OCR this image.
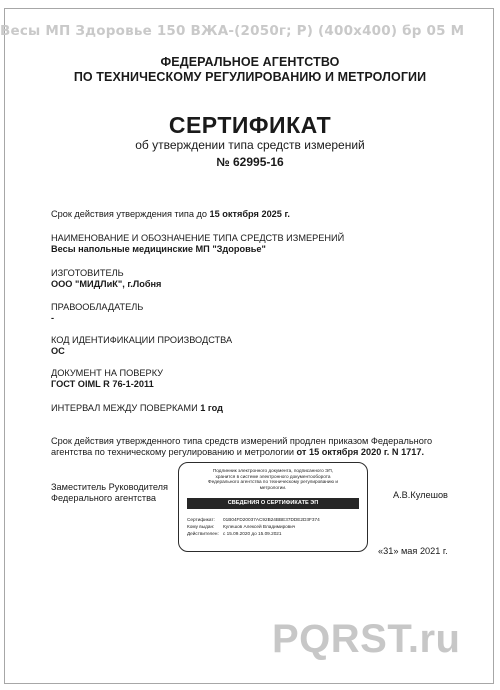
Весы МП Здоровье 150 ВЖА-(2050г; Р) (400х400) бр 05 М
ФЕДЕРАЛЬНОЕ АГЕНТСТВО
ПО ТЕХНИЧЕСКОМУ РЕГУЛИРОВАНИЮ И МЕТРОЛОГИИ
СЕРТИФИКАТ
об утверждении типа средств измерений
№ 62995-16
Срок действия утверждения типа до 15 октября 2025 г.
НАИМЕНОВАНИЕ И ОБОЗНАЧЕНИЕ ТИПА СРЕДСТВ ИЗМЕРЕНИЙ
Весы напольные медицинские МП "Здоровье"
ИЗГОТОВИТЕЛЬ
ООО "МИДЛиК", г.Лобня
ПРАВООБЛАДАТЕЛЬ
-
КОД ИДЕНТИФИКАЦИИ ПРОИЗВОДСТВА
ОС
ДОКУМЕНТ НА ПОВЕРКУ
ГОСТ OIML R 76-1-2011
ИНТЕРВАЛ МЕЖДУ ПОВЕРКАМИ 1 год
Срок действия утвержденного типа средств измерений продлен приказом Федерального агентства по техническому регулированию и метрологии от 15 октября 2020 г. N 1717.
Заместитель Руководителя
Федерального агентства
Подлинник электронного документа, подписанного ЭП,
хранится в системе электронного документооборота
Федерального агентства по техническому регулированию и
метрологии.
СВЕДЕНИЯ О СЕРТИФИКАТЕ ЭП
Сертификат: 01B04FD20037AC92B24BBE37DDE2D3F374
Кому выдан: Кулешов Алексей Владимирович
Действителен: с 15.09.2020 до 15.09.2021
А.В.Кулешов
«31» мая 2021 г.
PQRST.ru
